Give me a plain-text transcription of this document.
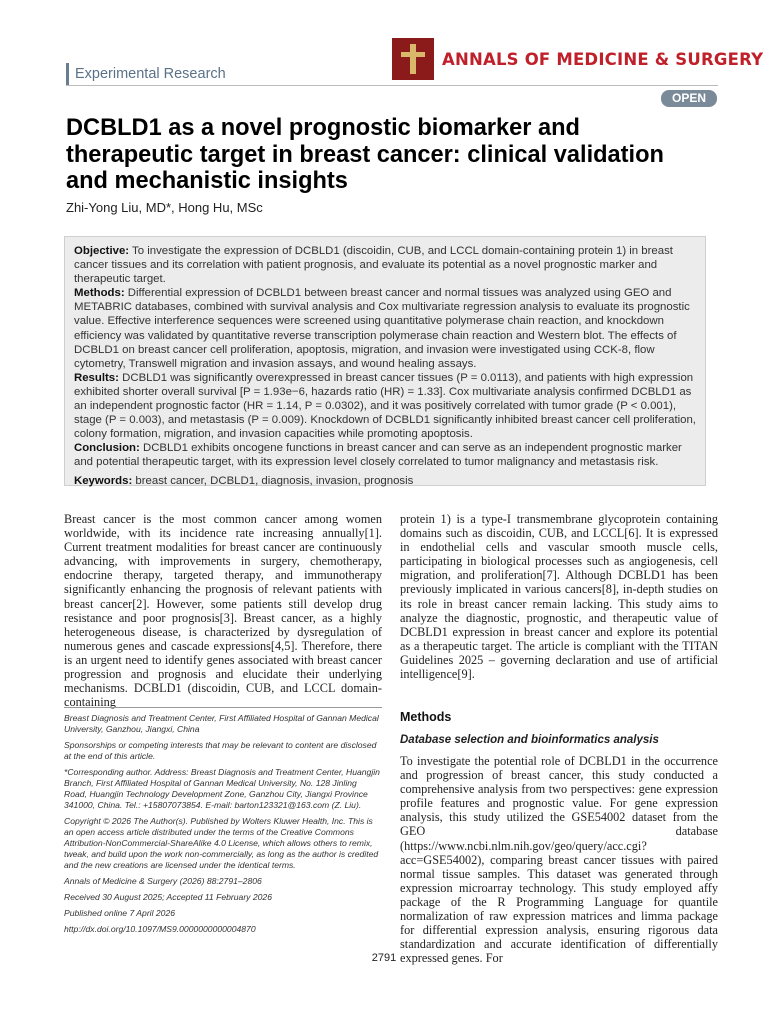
Experimental Research
ANNALS OF MEDICINE & SURGERY
OPEN
DCBLD1 as a novel prognostic biomarker and therapeutic target in breast cancer: clinical validation and mechanistic insights
Zhi-Yong Liu, MD*, Hong Hu, MSc

Objective: To investigate the expression of DCBLD1 (discoidin, CUB, and LCCL domain-containing protein 1) in breast cancer tissues and its correlation with patient prognosis, and evaluate its potential as a novel prognostic marker and therapeutic target.

Methods: Differential expression of DCBLD1 between breast cancer and normal tissues was analyzed using GEO and METABRIC databases, combined with survival analysis and Cox multivariate regression analysis to evaluate its prognostic value. Effective interference sequences were screened using quantitative polymerase chain reaction, and knockdown efficiency was validated by quantitative reverse transcription polymerase chain reaction and Western blot. The effects of DCBLD1 on breast cancer cell proliferation, apoptosis, migration, and invasion were investigated using CCK-8, flow cytometry, Transwell migration and invasion assays, and wound healing assays.

Results: DCBLD1 was significantly overexpressed in breast cancer tissues (P = 0.0113), and patients with high expression exhibited shorter overall survival [P = 1.93e−6, hazards ratio (HR) = 1.33]. Cox multivariate analysis confirmed DCBLD1 as an independent prognostic factor (HR = 1.14, P = 0.0302), and it was positively correlated with tumor grade (P < 0.001), stage (P = 0.003), and metastasis (P = 0.009). Knockdown of DCBLD1 significantly inhibited breast cancer cell proliferation, colony formation, migration, and invasion capacities while promoting apoptosis.

Conclusion: DCBLD1 exhibits oncogene functions in breast cancer and can serve as an independent prognostic marker and potential therapeutic target, with its expression level closely correlated to tumor malignancy and metastasis risk.

Keywords: breast cancer, DCBLD1, diagnosis, invasion, prognosis

Breast cancer is the most common cancer among women worldwide, with its incidence rate increasing annually[1]. Current treatment modalities for breast cancer are continuously advancing, with improvements in surgery, chemotherapy, endocrine therapy, targeted therapy, and immunotherapy significantly enhancing the prognosis of relevant patients with breast cancer[2]. However, some patients still develop drug resistance and poor prognosis[3]. Breast cancer, as a highly heterogeneous disease, is characterized by dysregulation of numerous genes and cascade expressions[4,5]. Therefore, there is an urgent need to identify genes associated with breast cancer progression and prognosis and elucidate their underlying mechanisms. DCBLD1 (discoidin, CUB, and LCCL domain-containing

protein 1) is a type-I transmembrane glycoprotein containing domains such as discoidin, CUB, and LCCL[6]. It is expressed in endothelial cells and vascular smooth muscle cells, participating in biological processes such as angiogenesis, cell migration, and proliferation[7]. Although DCBLD1 has been previously implicated in various cancers[8], in-depth studies on its role in breast cancer remain lacking. This study aims to analyze the diagnostic, prognostic, and therapeutic value of DCBLD1 expression in breast cancer and explore its potential as a therapeutic target. The article is compliant with the TITAN Guidelines 2025 – governing declaration and use of artificial intelligence[9].

Breast Diagnosis and Treatment Center, First Affiliated Hospital of Gannan Medical University, Ganzhou, Jiangxi, China

Sponsorships or competing interests that may be relevant to content are disclosed at the end of this article.

*Corresponding author. Address: Breast Diagnosis and Treatment Center, Huangjin Branch, First Affiliated Hospital of Gannan Medical University, No. 128 Jinling Road, Huangjin Technology Development Zone, Ganzhou City, Jiangxi Province 341000, China. Tel.: +15807073854. E-mail: barton123321@163.com (Z. Liu).

Copyright © 2026 The Author(s). Published by Wolters Kluwer Health, Inc. This is an open access article distributed under the terms of the Creative Commons Attribution-NonCommercial-ShareAlike 4.0 License, which allows others to remix, tweak, and build upon the work non-commercially, as long as the author is credited and the new creations are licensed under the identical terms.

Annals of Medicine & Surgery (2026) 88:2791–2806

Received 30 August 2025; Accepted 11 February 2026

Published online 7 April 2026

http://dx.doi.org/10.1097/MS9.0000000000004870

Methods
Database selection and bioinformatics analysis

To investigate the potential role of DCBLD1 in the occurrence and progression of breast cancer, this study conducted a comprehensive analysis from two perspectives: gene expression profile features and prognostic value. For gene expression analysis, this study utilized the GSE54002 dataset from the GEO database (https://www.ncbi.nlm.nih.gov/geo/query/acc.cgi?acc=GSE54002), comparing breast cancer tissues with paired normal tissue samples. This dataset was generated through expression microarray technology. This study employed affy package of the R Programming Language for quantile normalization of raw expression matrices and limma package for differential expression analysis, ensuring rigorous data standardization and accurate identification of differentially expressed genes. For

2791
